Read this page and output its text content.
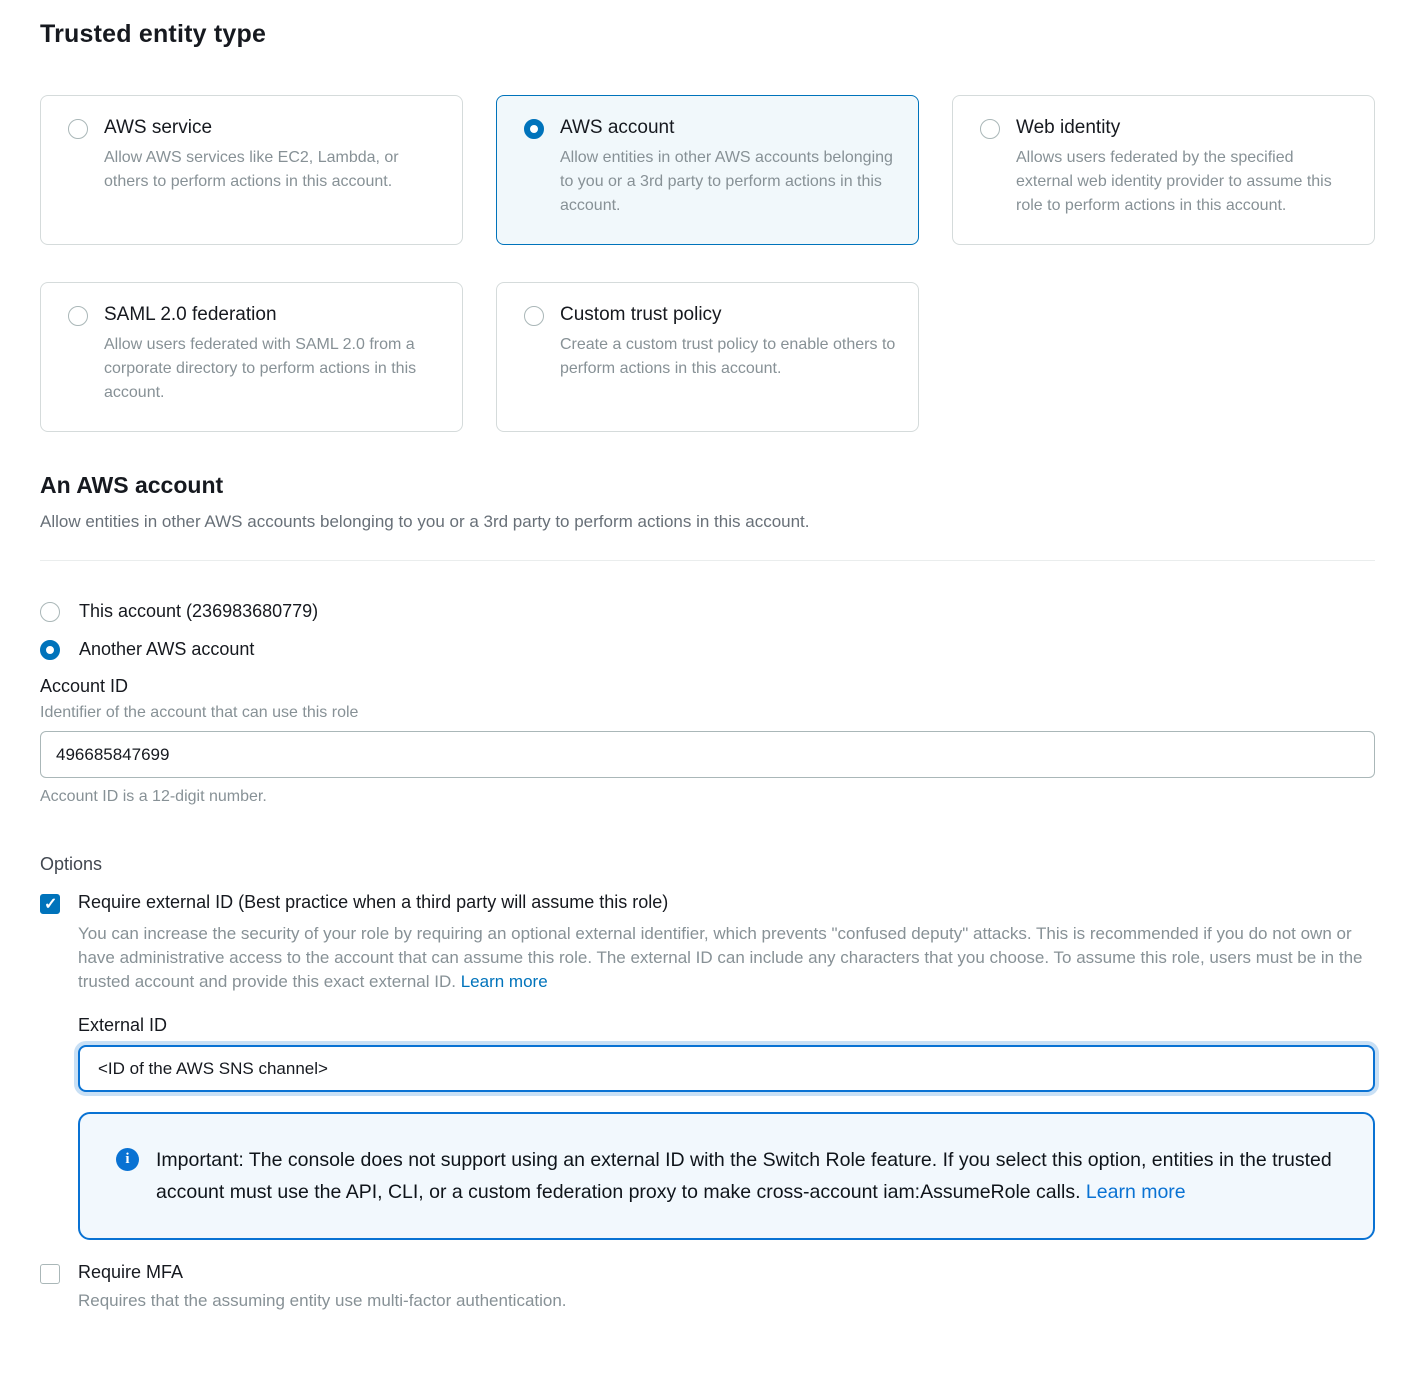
Trusted entity type
AWS service
Allow AWS services like EC2, Lambda, or others to perform actions in this account.
AWS account
Allow entities in other AWS accounts belonging to you or a 3rd party to perform actions in this account.
Web identity
Allows users federated by the specified external web identity provider to assume this role to perform actions in this account.
SAML 2.0 federation
Allow users federated with SAML 2.0 from a corporate directory to perform actions in this account.
Custom trust policy
Create a custom trust policy to enable others to perform actions in this account.
An AWS account
Allow entities in other AWS accounts belonging to you or a 3rd party to perform actions in this account.
This account (236983680779)
Another AWS account
Account ID
Identifier of the account that can use this role
496685847699
Account ID is a 12-digit number.
Options
✓
Require external ID (Best practice when a third party will assume this role)
You can increase the security of your role by requiring an optional external identifier, which prevents "confused deputy" attacks. This is recommended if you do not own or have administrative access to the account that can assume this role. The external ID can include any characters that you choose. To assume this role, users must be in the trusted account and provide this exact external ID. Learn more
External ID
<ID of the AWS SNS channel>
i	Important: The console does not support using an external ID with the Switch Role feature. If you select this option, entities in the trusted account must use the API, CLI, or a custom federation proxy to make cross-account iam:AssumeRole calls. Learn more
Require MFA
Requires that the assuming entity use multi-factor authentication.
